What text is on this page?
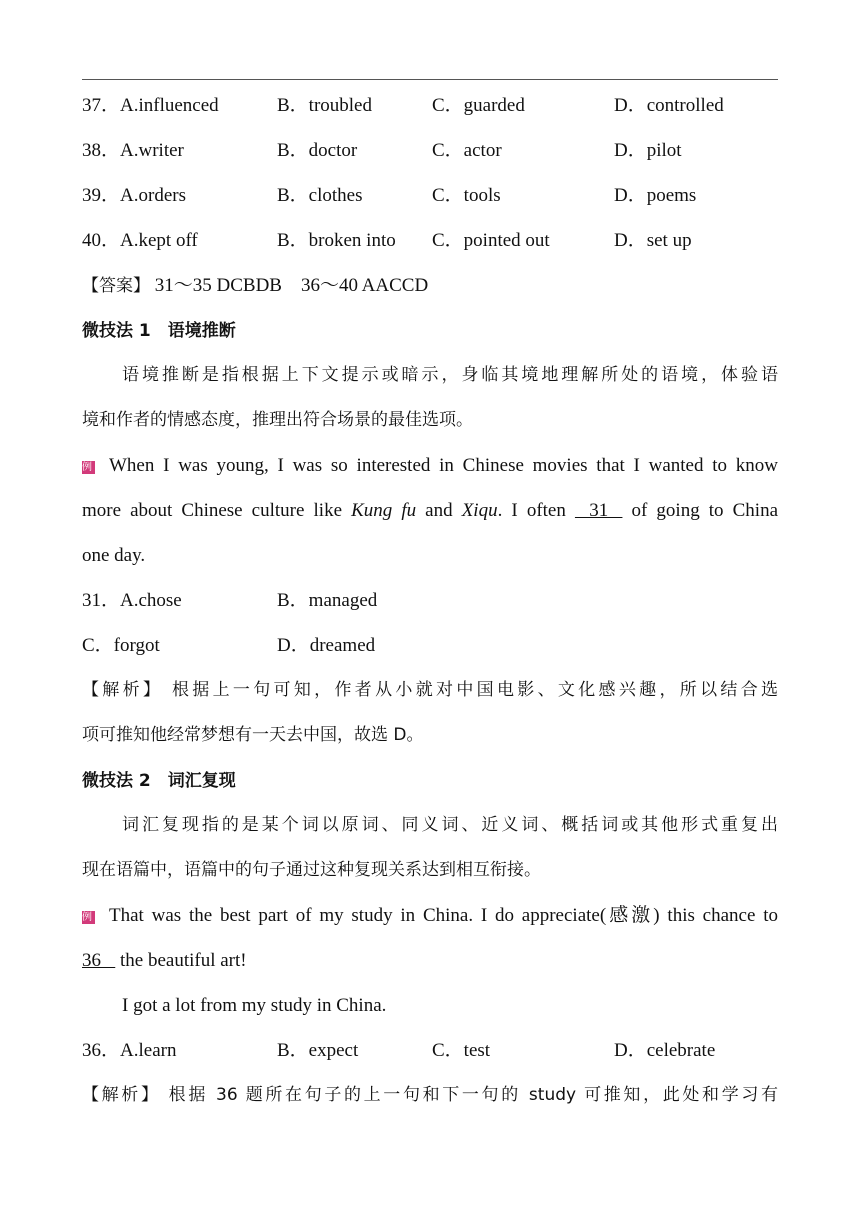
37．A.influenced	B．troubled	C．guarded	D．controlled
38．A.writer	B．doctor	C．actor	D．pilot
39．A.orders	B．clothes	C．tools	D．poems
40．A.kept off	B．broken into C．pointed out	D．set up
【答案】 31～35 DCBDB　36～40 AACCD
微技法 1　语境推断
语境推断是指根据上下文提示或暗示，身临其境地理解所处的语境，体验语
境和作者的情感态度，推理出符合场景的最佳选项。
例 When I was young, I was so interested in Chinese movies that I wanted to know
more about Chinese culture like Kung fu and Xiqu. I often    31    of going to China
one day.
31．A.chose	B．managed
C．forgot	D．dreamed
【解析】 根据上一句可知，作者从小就对中国电影、文化感兴趣，所以结合选
项可推知他经常梦想有一天去中国，故选 D。
微技法 2　词汇复现
词汇复现指的是某个词以原词、同义词、近义词、概括词或其他形式重复出
现在语篇中，语篇中的句子通过这种复现关系达到相互衔接。
例 That was the best part of my study in China. I do appreciate(感激) this chance to
36    the beautiful art!
I got a lot from my study in China.
36．A.learn	B．expect	C．test	D．celebrate
【解析】 根据 36 题所在句子的上一句和下一句的 study 可推知，此处和学习有
